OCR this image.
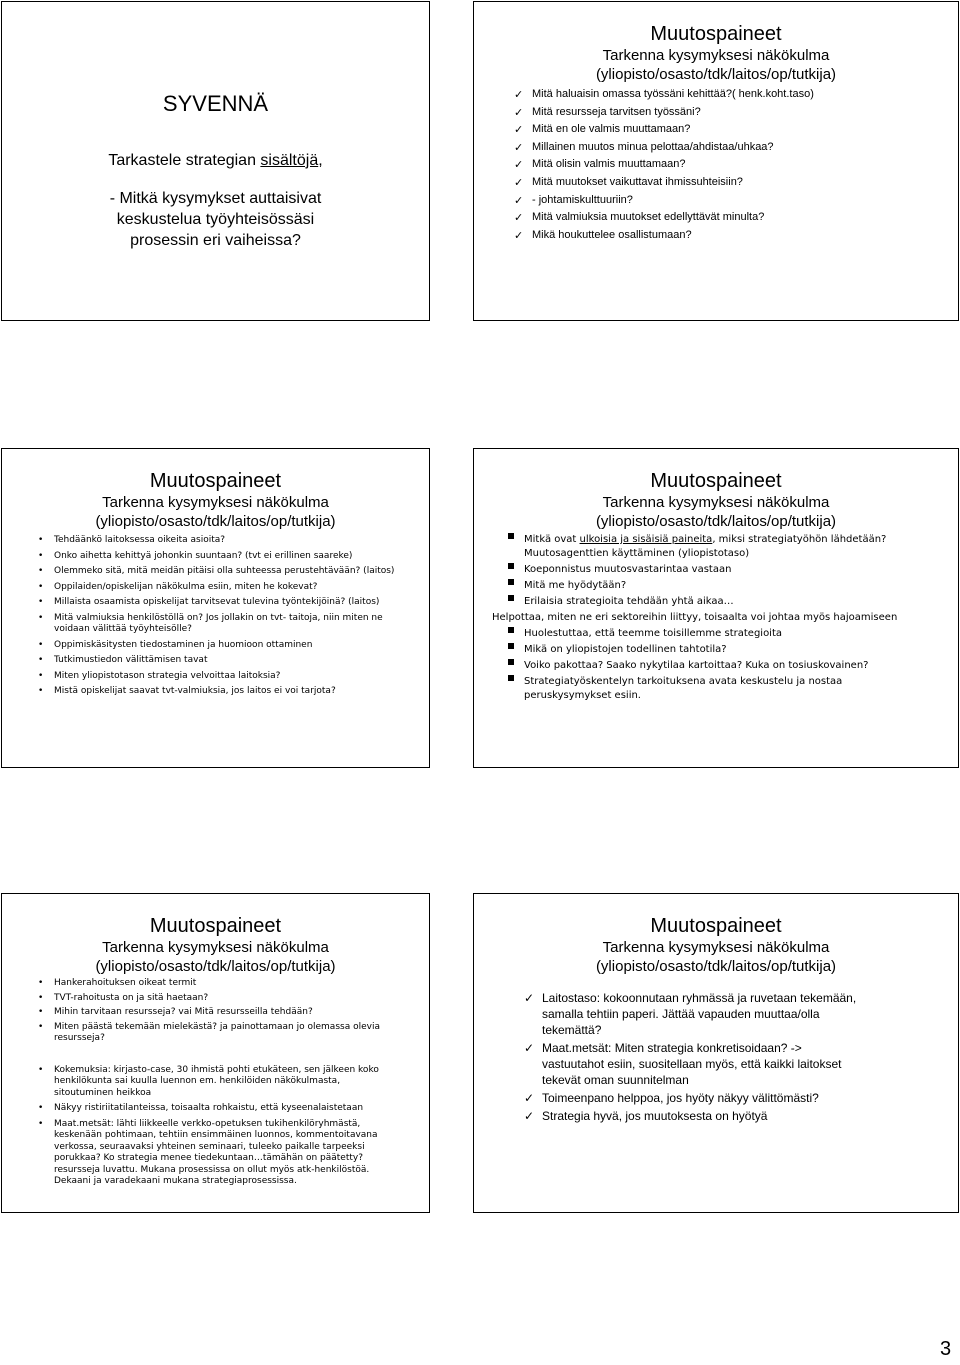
SYVENNÄ
Tarkastele strategian sisältöjä,
- Mitkä kysymykset auttaisivat
keskustelua työyhteisössäsi
prosessin eri vaiheissa?
Muutospaineet
Tarkenna kysymyksesi näkökulma
(yliopisto/osasto/tdk/laitos/op/tutkija)
✓ Mitä haluaisin omassa työssäni kehittää?( henk.koht.taso)
✓ Mitä resursseja tarvitsen työssäni?
✓ Mitä en ole valmis muuttamaan?
✓ Millainen muutos minua pelottaa/ahdistaa/uhkaa?
✓ Mitä olisin valmis muuttamaan?
✓ Mitä muutokset vaikuttavat ihmissuhteisiin?
✓ - johtamiskulttuuriin?
✓ Mitä valmiuksia muutokset edellyttävät minulta?
✓ Mikä houkuttelee osallistumaan?
Muutospaineet
Tarkenna kysymyksesi näkökulma
(yliopisto/osasto/tdk/laitos/op/tutkija)
• Tehdäänkö laitoksessa oikeita asioita?
• Onko aihetta kehittyä johonkin suuntaan? (tvt ei erillinen saareke)
• Olemmeko sitä, mitä meidän pitäisi olla suhteessa perustehtävään? (laitos)
• Oppilaiden/opiskelijan näkökulma esiin, miten he kokevat?
• Millaista osaamista opiskelijat tarvitsevat tulevina työntekijöinä? (laitos)
• Mitä valmiuksia henkilöstöllä on? Jos jollakin on tvt- taitoja, niin miten ne voidaan välittää työyhteisölle?
• Oppimiskäsitysten tiedostaminen ja huomioon ottaminen
• Tutkimustiedon välittämisen tavat
• Miten yliopistotason strategia velvoittaa laitoksia?
• Mistä opiskelijat saavat tvt-valmiuksia, jos laitos ei voi tarjota?
Muutospaineet
Tarkenna kysymyksesi näkökulma
(yliopisto/osasto/tdk/laitos/op/tutkija)
Mitkä ovat ulkoisia ja sisäisiä paineita, miksi strategiatyöhön lähdetään? Muutosagenttien käyttäminen (yliopistotaso)
Koeponnistus muutosvastarintaa vastaan
Mitä me hyödytään?
Erilaisia strategioita tehdään yhtä aikaa…
Helpottaa, miten ne eri sektoreihin liittyy, toisaalta voi johtaa myös hajoamiseen
Huolestuttaa, että teemme toisillemme strategioita
Mikä on yliopistojen todellinen tahtotila?
Voiko pakottaa? Saako nykytilaa kartoittaa? Kuka on tosiuskovainen?
Strategiatyöskentelyn tarkoituksena avata keskustelu ja nostaa peruskysymykset esiin.
Muutospaineet
Tarkenna kysymyksesi näkökulma
(yliopisto/osasto/tdk/laitos/op/tutkija)
• Hankerahoituksen oikeat termit
• TVT-rahoitusta on ja sitä haetaan?
• Mihin tarvitaan resursseja? vai Mitä resursseilla tehdään?
• Miten päästä tekemään mielekästä? ja painottamaan jo olemassa olevia resursseja?
• Kokemuksia: kirjasto-case, 30 ihmistä pohti etukäteen, sen jälkeen koko henkilökunta sai kuulla luennon em. henkilöiden näkökulmasta, sitoutuminen heikkoa
• Näkyy ristiriitatilanteissa, toisaalta rohkaistu, että kyseenalaistetaan
• Maat.metsät: lähti liikkeelle verkko-opetuksen tukihenkilöryhmästä, keskenään pohtimaan, tehtiin ensimmäinen luonnos, kommentoitavana verkossa, seuraavaksi yhteinen seminaari, tuleeko paikalle tarpeeksi porukkaa? Ko strategia menee tiedekuntaan…tämähän on päätetty? resursseja luvattu. Mukana prosessissa on ollut myös atk-henkilöstöä. Dekaani ja varadekaani mukana strategiaprosessissa.
Muutospaineet
Tarkenna kysymyksesi näkökulma
(yliopisto/osasto/tdk/laitos/op/tutkija)
✓ Laitostaso: kokoonnutaan ryhmässä ja ruvetaan tekemään, samalla tehtiin paperi. Jättää vapauden muuttaa/olla tekemättä?
✓ Maat.metsät: Miten strategia konkretisoidaan? -> vastuutahot esiin, suositellaan myös, että kaikki laitokset tekevät oman suunnitelman
✓ Toimeenpano helppoa, jos hyöty näkyy välittömästi?
✓ Strategia hyvä, jos muutoksesta on hyötyä
3
